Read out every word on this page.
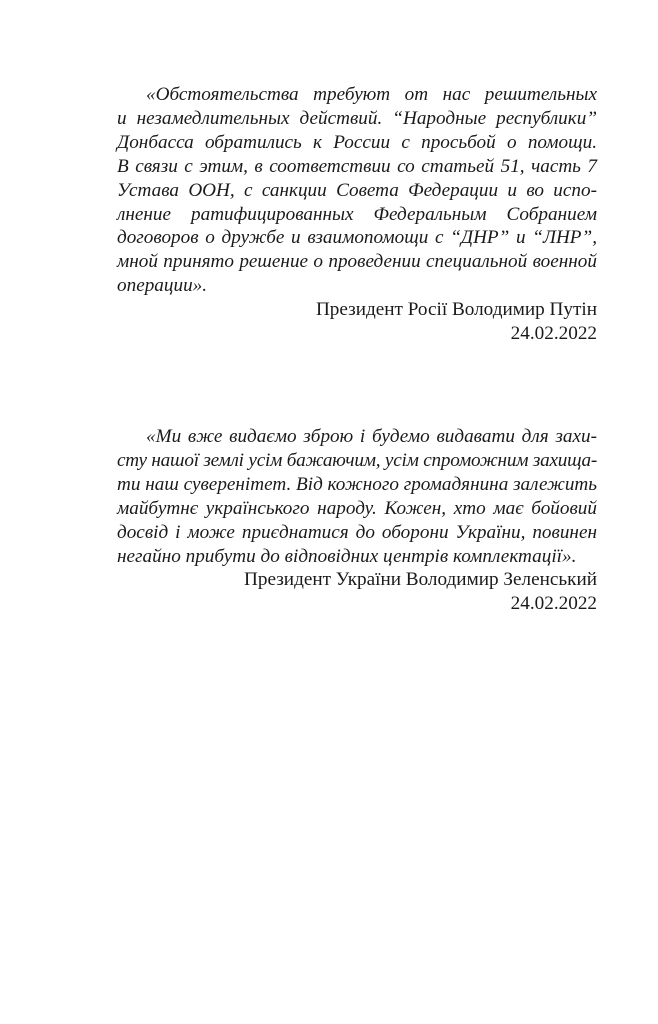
«Обстоятельства требуют от нас решительных
и незамедлительных действий. “Народные республики”
Донбасса обратились к России с просьбой о помощи.
В связи с этим, в соответствии со статьей 51, часть 7
Устава ООН, с санкции Совета Федерации и во испо-
лнение ратифицированных Федеральным Собранием
договоров о дружбе и взаимопомощи с “ДНР” и “ЛНР”,
мной принято решение о проведении специальной военной
операции».

Президент Росії Володимир Путін
24.02.2022

«Ми вже видаємо зброю і будемо видавати для захи-
сту нашої землі усім бажаючим, усім спроможним захищa-
ти наш суверенітет. Від кожного громадянина залежить
майбутнє українського народу. Кожен, хто має бойовий
досвід і може приєднатися до оборони України, повинен
негайно прибути до відповідних центрів комплектації».

Президент України Володимир Зеленський
24.02.2022
